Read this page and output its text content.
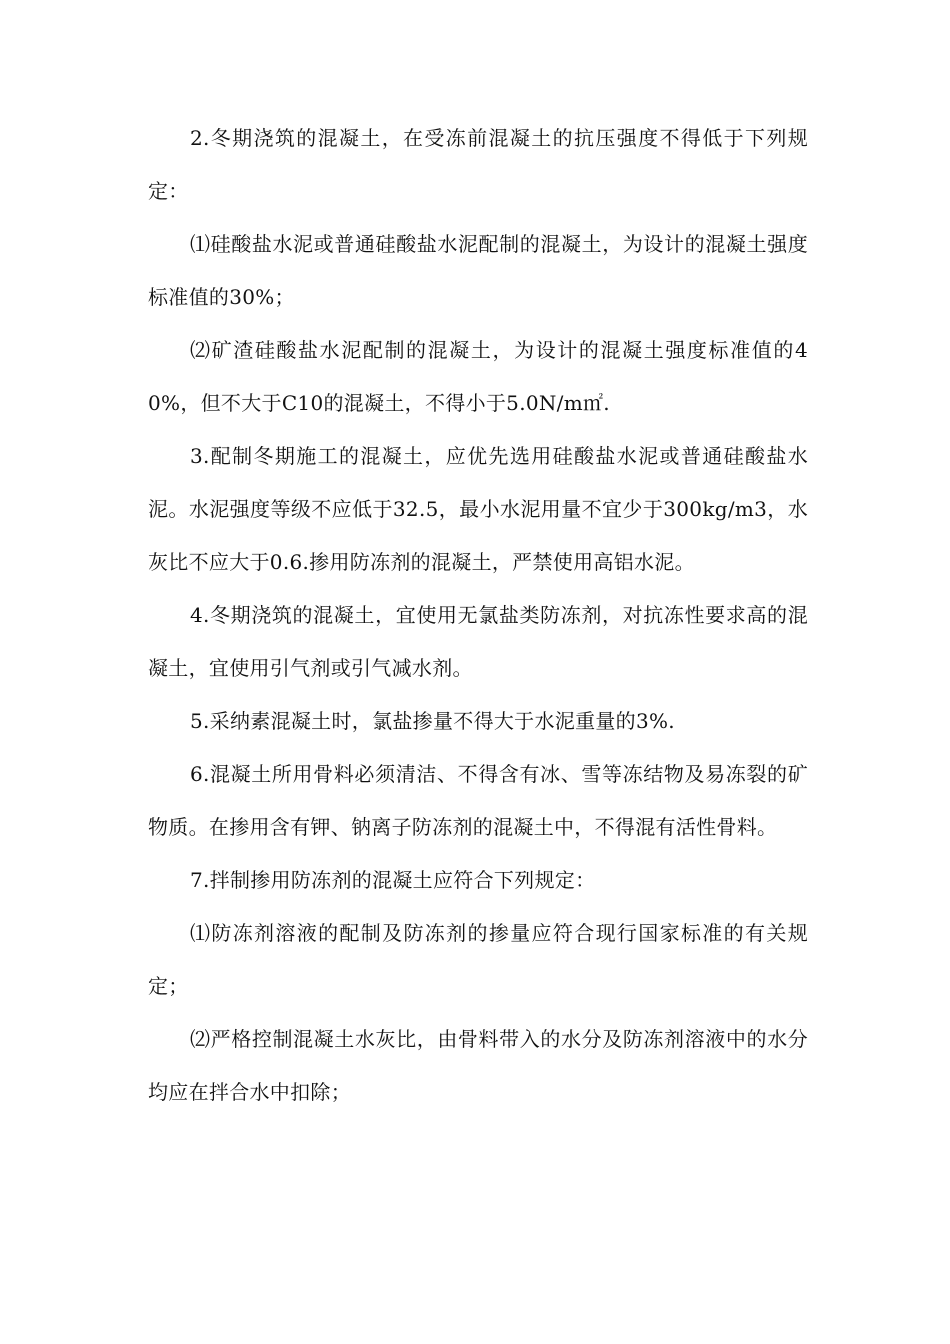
2.冬期浇筑的混凝土，在受冻前混凝土的抗压强度不得低于下列规定：

⑴硅酸盐水泥或普通硅酸盐水泥配制的混凝土，为设计的混凝土强度标准值的30%；

⑵矿渣硅酸盐水泥配制的混凝土，为设计的混凝土强度标准值的40%，但不大于C10的混凝土，不得小于5.0N/m㎡.

3.配制冬期施工的混凝土，应优先选用硅酸盐水泥或普通硅酸盐水泥。水泥强度等级不应低于32.5，最小水泥用量不宜少于300kg/m3，水灰比不应大于0.6.掺用防冻剂的混凝土，严禁使用高铝水泥。

4.冬期浇筑的混凝土，宜使用无氯盐类防冻剂，对抗冻性要求高的混凝土，宜使用引气剂或引气减水剂。

5.采纳素混凝土时，氯盐掺量不得大于水泥重量的3%.

6.混凝土所用骨料必须清洁、不得含有冰、雪等冻结物及易冻裂的矿物质。在掺用含有钾、钠离子防冻剂的混凝土中，不得混有活性骨料。

7.拌制掺用防冻剂的混凝土应符合下列规定：

⑴防冻剂溶液的配制及防冻剂的掺量应符合现行国家标准的有关规定；

⑵严格控制混凝土水灰比，由骨料带入的水分及防冻剂溶液中的水分均应在拌合水中扣除；
